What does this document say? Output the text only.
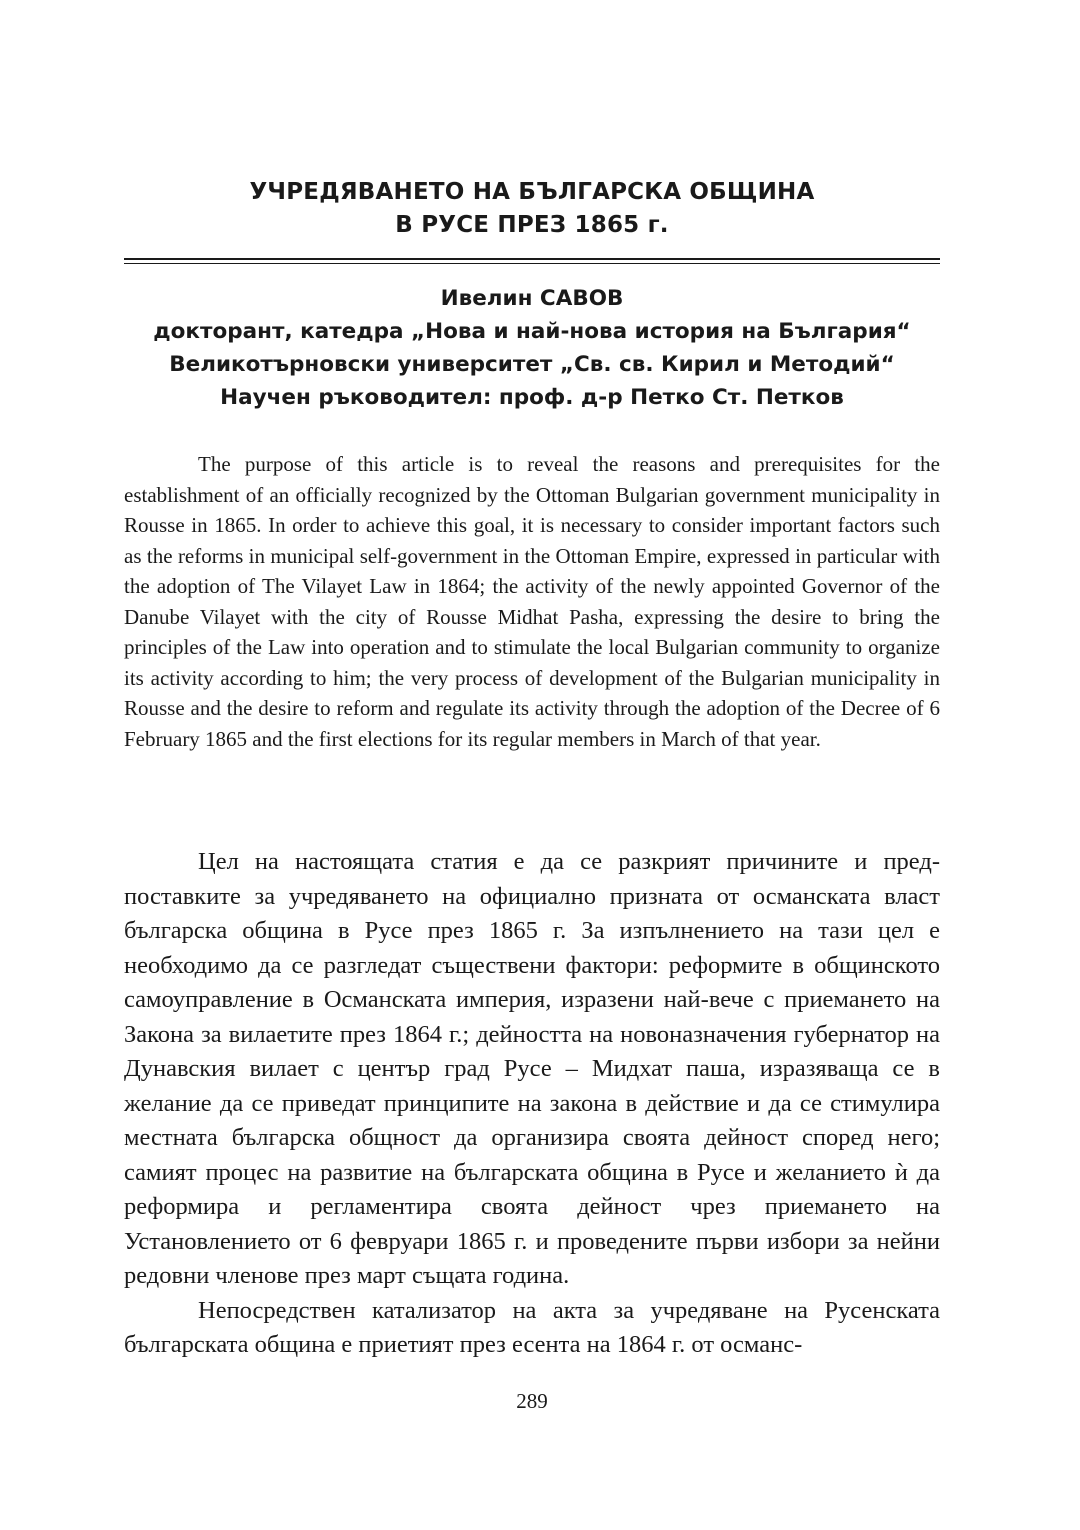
УЧРЕДЯВАНЕТО НА БЪЛГАРСКА ОБЩИНА
В РУСЕ ПРЕЗ 1865 г.
Ивелин САВОВ
докторант, катедра „Нова и най-нова история на България“
Великотърновски университет „Св. св. Кирил и Методий“
Научен ръководител: проф. д-р Петко Ст. Петков

The purpose of this article is to reveal the reasons and prerequisites for the establishment of an officially recognized by the Ottoman Bulgarian government municipality in Rousse in 1865. In order to achieve this goal, it is necessary to consider important factors such as the reforms in municipal self-government in the Ottoman Empire, expressed in particular with the adoption of The Vilayet Law in 1864; the activity of the newly appointed Governor of the Danube Vilayet with the city of Rousse Midhat Pasha, expressing the desire to bring the principles of the Law into operation and to stimulate the local Bulgarian community to organize its activity according to him; the very process of development of the Bulgarian municipality in Rousse and the desire to reform and regulate its activity through the adoption of the Decree of 6 February 1865 and the first elections for its regular members in March of that year.

Цел на настоящата статия е да се разкрият причините и предпоставките за учредяването на официално призната от османската власт българска община в Русе през 1865 г. За изпълнението на тази цел е необходимо да се разгледат съществени фактори: реформите в общинското самоуправление в Османската империя, изразени най-вече с приемането на Закона за вилаетите през 1864 г.; дейността на новоназначения губернатор на Дунавския вилает с център град Русе – Мидхат паша, изразяваща се в желание да се приведат принципите на закона в действие и да се стимулира местната българска общност да организира своята дейност според него; самият процес на развитие на българската община в Русе и желанието ѝ да реформира и регламентира своята дейност чрез приемането на Установлението от 6 февруари 1865 г. и проведените първи избори за нейни редовни членове през март същата година.

Непосредствен катализатор на акта за учредяване на Русенската българската община е приетият през есента на 1864 г. от османс-

289
